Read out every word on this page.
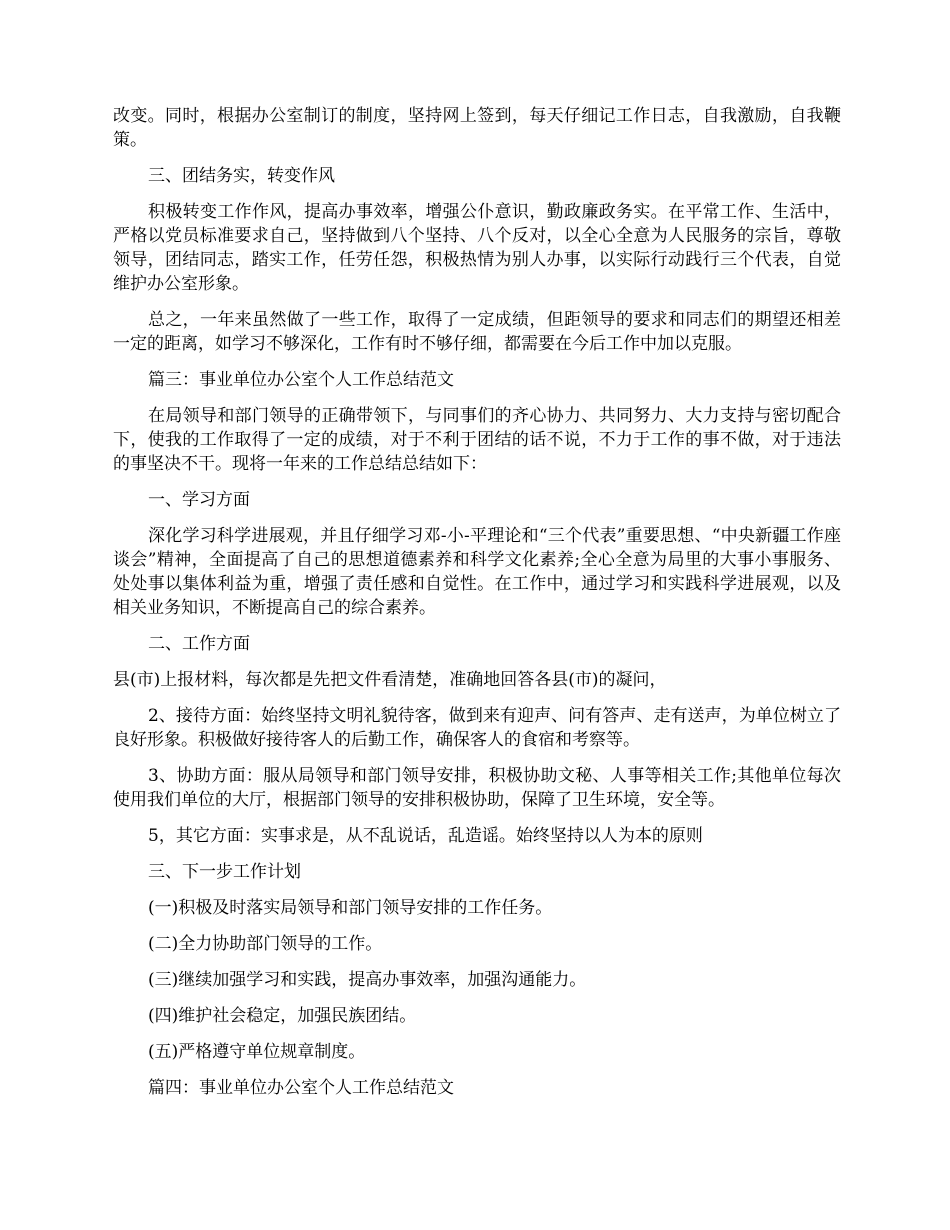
改变。同时，根据办公室制订的制度，坚持网上签到，每天仔细记工作日志，自我激励，自我鞭策。

三、团结务实，转变作风

积极转变工作作风，提高办事效率，增强公仆意识，勤政廉政务实。在平常工作、生活中，严格以党员标准要求自己，坚持做到八个坚持、八个反对，以全心全意为人民服务的宗旨，尊敬领导，团结同志，踏实工作，任劳任怨，积极热情为别人办事，以实际行动践行三个代表，自觉维护办公室形象。

总之，一年来虽然做了一些工作，取得了一定成绩，但距领导的要求和同志们的期望还相差一定的距离，如学习不够深化，工作有时不够仔细，都需要在今后工作中加以克服。

篇三：事业单位办公室个人工作总结范文

在局领导和部门领导的正确带领下，与同事们的齐心协力、共同努力、大力支持与密切配合下，使我的工作取得了一定的成绩，对于不利于团结的话不说，不力于工作的事不做，对于违法的事坚决不干。现将一年来的工作总结总结如下：

一、学习方面

深化学习科学进展观，并且仔细学习邓-小-平理论和“三个代表”重要思想、“中央新疆工作座谈会”精神，全面提高了自己的思想道德素养和科学文化素养;全心全意为局里的大事小事服务、处处事以集体利益为重，增强了责任感和自觉性。在工作中，通过学习和实践科学进展观，以及相关业务知识，不断提高自己的综合素养。

二、工作方面

县(市)上报材料，每次都是先把文件看清楚，准确地回答各县(市)的凝问，

2、接待方面：始终坚持文明礼貌待客，做到来有迎声、问有答声、走有送声，为单位树立了良好形象。积极做好接待客人的后勤工作，确保客人的食宿和考察等。

3、协助方面：服从局领导和部门领导安排，积极协助文秘、人事等相关工作;其他单位每次使用我们单位的大厅，根据部门领导的安排积极协助，保障了卫生环境，安全等。

5，其它方面：实事求是，从不乱说话，乱造谣。始终坚持以人为本的原则

三、下一步工作计划

(一)积极及时落实局领导和部门领导安排的工作任务。

(二)全力协助部门领导的工作。

(三)继续加强学习和实践，提高办事效率，加强沟通能力。

(四)维护社会稳定，加强民族团结。

(五)严格遵守单位规章制度。

篇四：事业单位办公室个人工作总结范文
